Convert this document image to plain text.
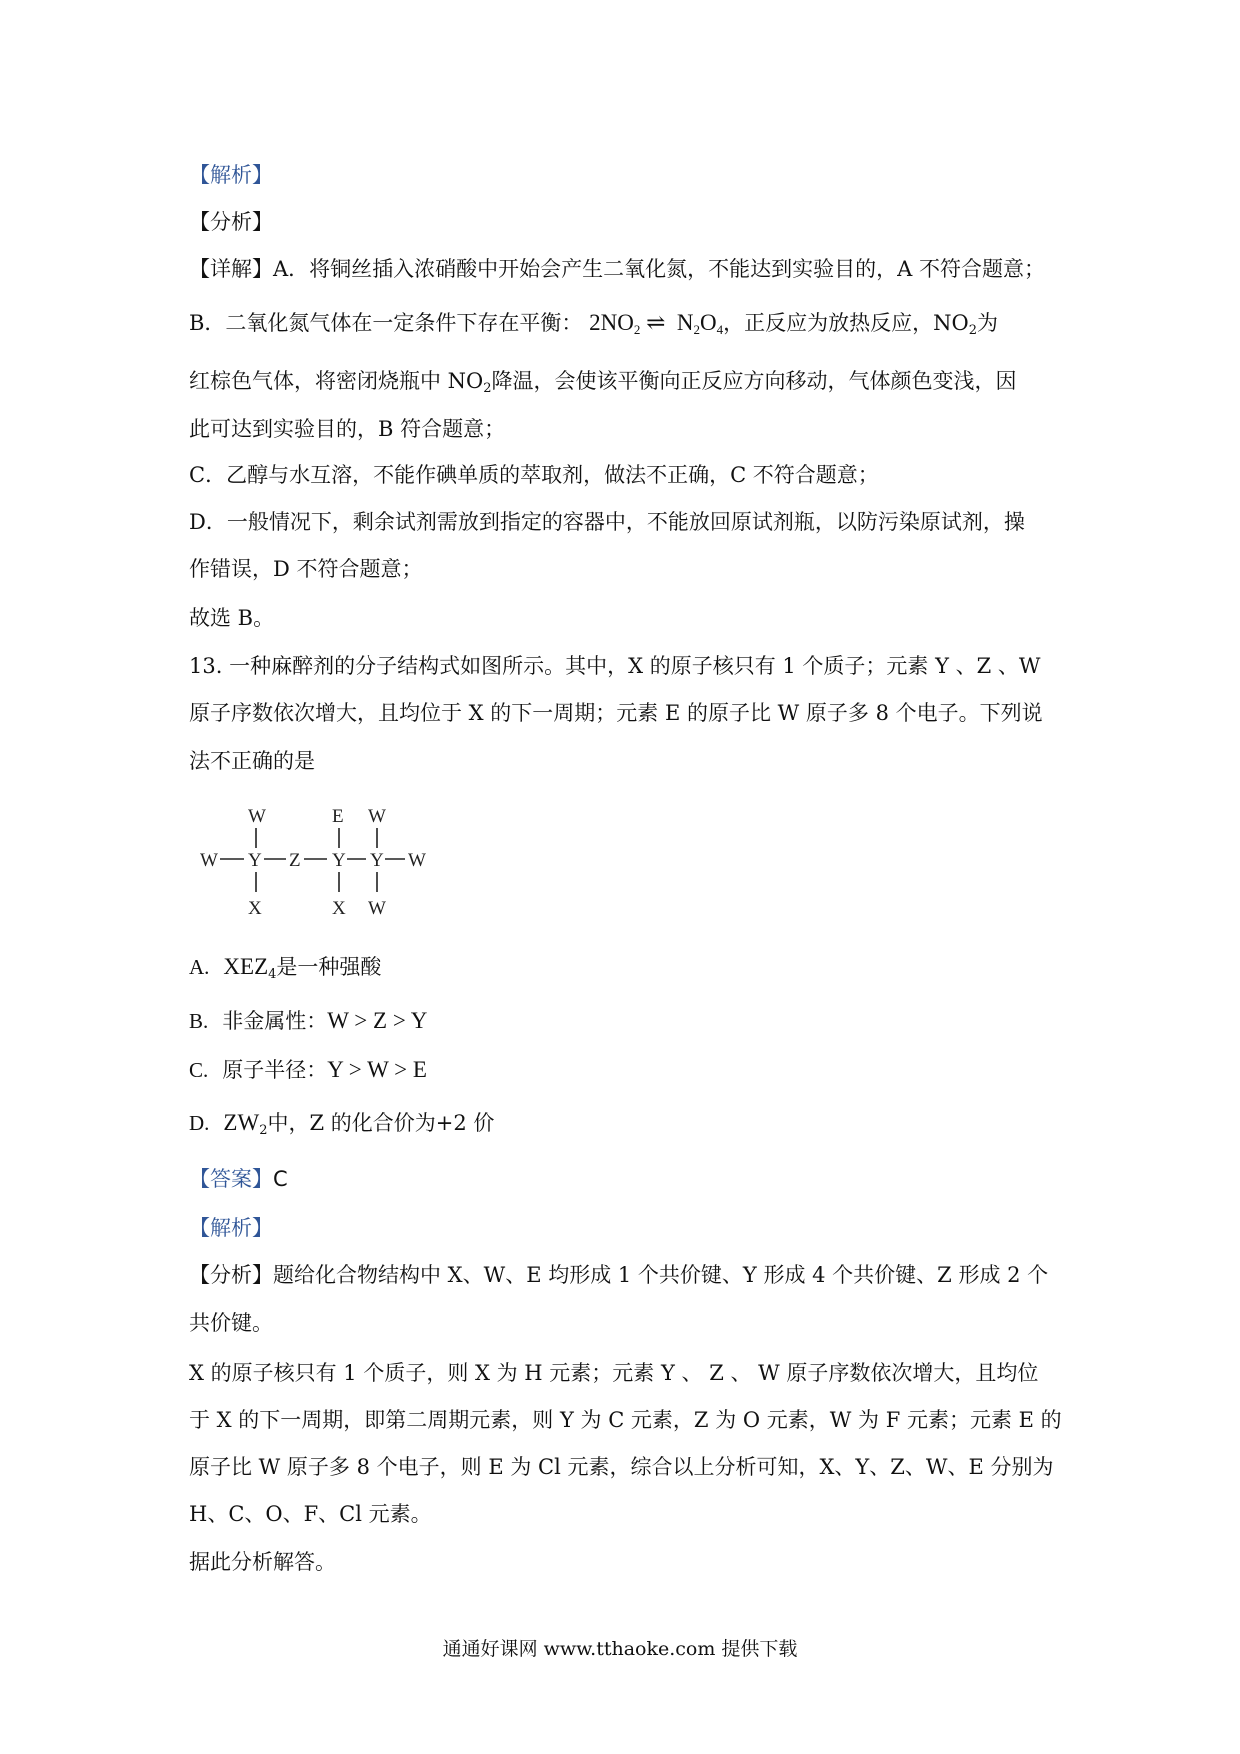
【解析】
【分析】
【详解】A．将铜丝插入浓硝酸中开始会产生二氧化氮，不能达到实验目的，A 不符合题意；
B．二氧化氮气体在一定条件下存在平衡： $2NO_2$ ⇌ $N_2O_4$，正反应为放热反应，$NO_2$为
红棕色气体，将密闭烧瓶中 $NO_2$降温，会使该平衡向正反应方向移动，气体颜色变浅，因
此可达到实验目的，B 符合题意；
C．乙醇与水互溶，不能作碘单质的萃取剂，做法不正确，C 不符合题意；
D．一般情况下，剩余试剂需放到指定的容器中，不能放回原试剂瓶，以防污染原试剂，操
作错误，D 不符合题意；
故选 B。
13. 一种麻醉剂的分子结构式如图所示。其中，X 的原子核只有 1 个质子；元素 Y 、Z 、W
原子序数依次增大，且均位于 X 的下一周期；元素 E 的原子比 W 原子多 8 个电子。下列说
法不正确的是
W	E W
W Y Z Y Y W
X	X W
A. $XEZ_4$是一种强酸
B. 非金属性：W > Z > Y
C. 原子半径：Y > W > E
D. $ZW_2$中，Z 的化合价为+2 价
【答案】C
【解析】
【分析】题给化合物结构中 X、W、E 均形成 1 个共价键、Y 形成 4 个共价键、Z 形成 2 个
共价键。
X 的原子核只有 1 个质子，则 X 为 H 元素；元素 Y 、 Z 、 W 原子序数依次增大，且均位
于 X 的下一周期，即第二周期元素，则 Y 为 C 元素，Z 为 O 元素，W 为 F 元素；元素 E 的
原子比 W 原子多 8 个电子，则 E 为 Cl 元素，综合以上分析可知，X、Y、Z、W、E 分别为
H、C、O、F、Cl 元素。
据此分析解答。
通通好课网 www.tthaoke.com 提供下载
